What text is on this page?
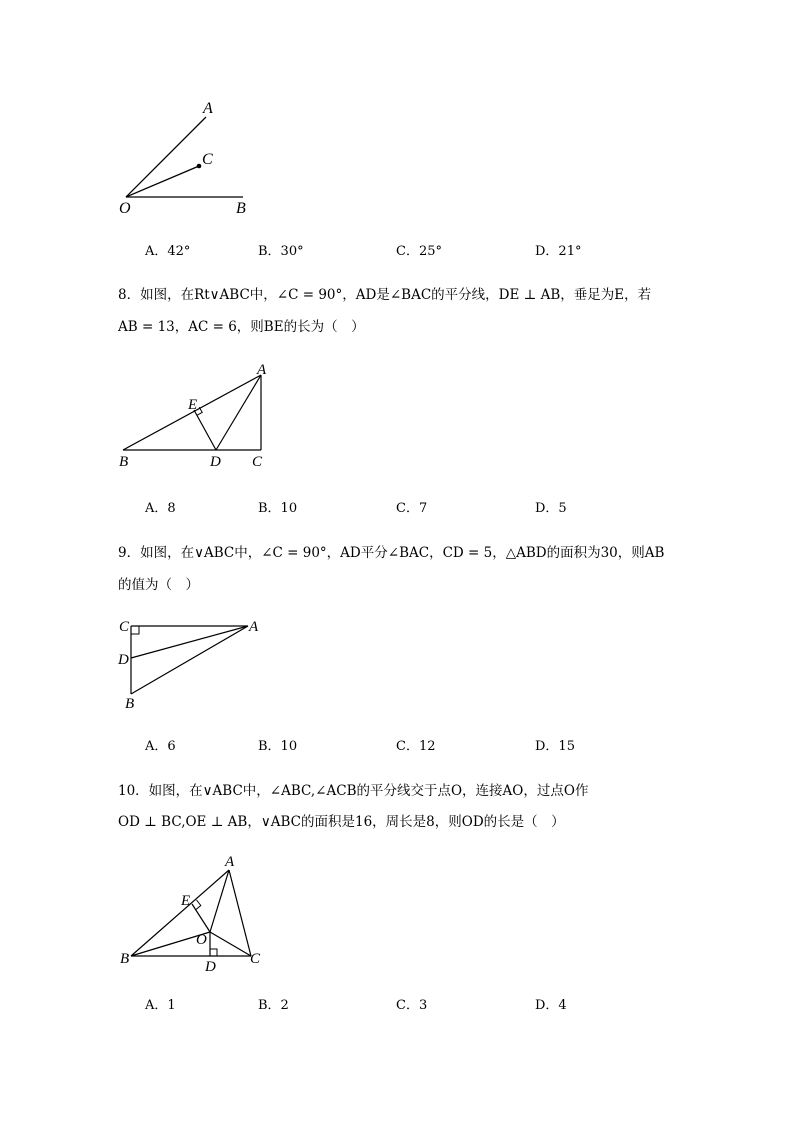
A
C
O	B
A．42°	B．30°	C．25°	D．21°
8．如图，在Rt∨ABC中，∠C = 90°，AD是∠BAC的平分线，DE ⊥ AB，垂足为E，若
AB = 13，AC = 6，则BE的长为（　）
A
E
B	D C
A．8	B．10	C．7	D．5
9．如图，在∨ABC中，∠C = 90°，AD平分∠BAC，CD = 5，△ABD的面积为30，则AB
的值为（　）
C	A
D
B
A．6	B．10	C．12	D．15
10．如图，在∨ABC中，∠ABC,∠ACB的平分线交于点O，连接AO，过点O作
OD ⊥ BC,OE ⊥ AB，∨ABC的面积是16，周长是8，则OD的长是（　）
A
E
O
B	D C
A．1	B．2	C．3	D．4
